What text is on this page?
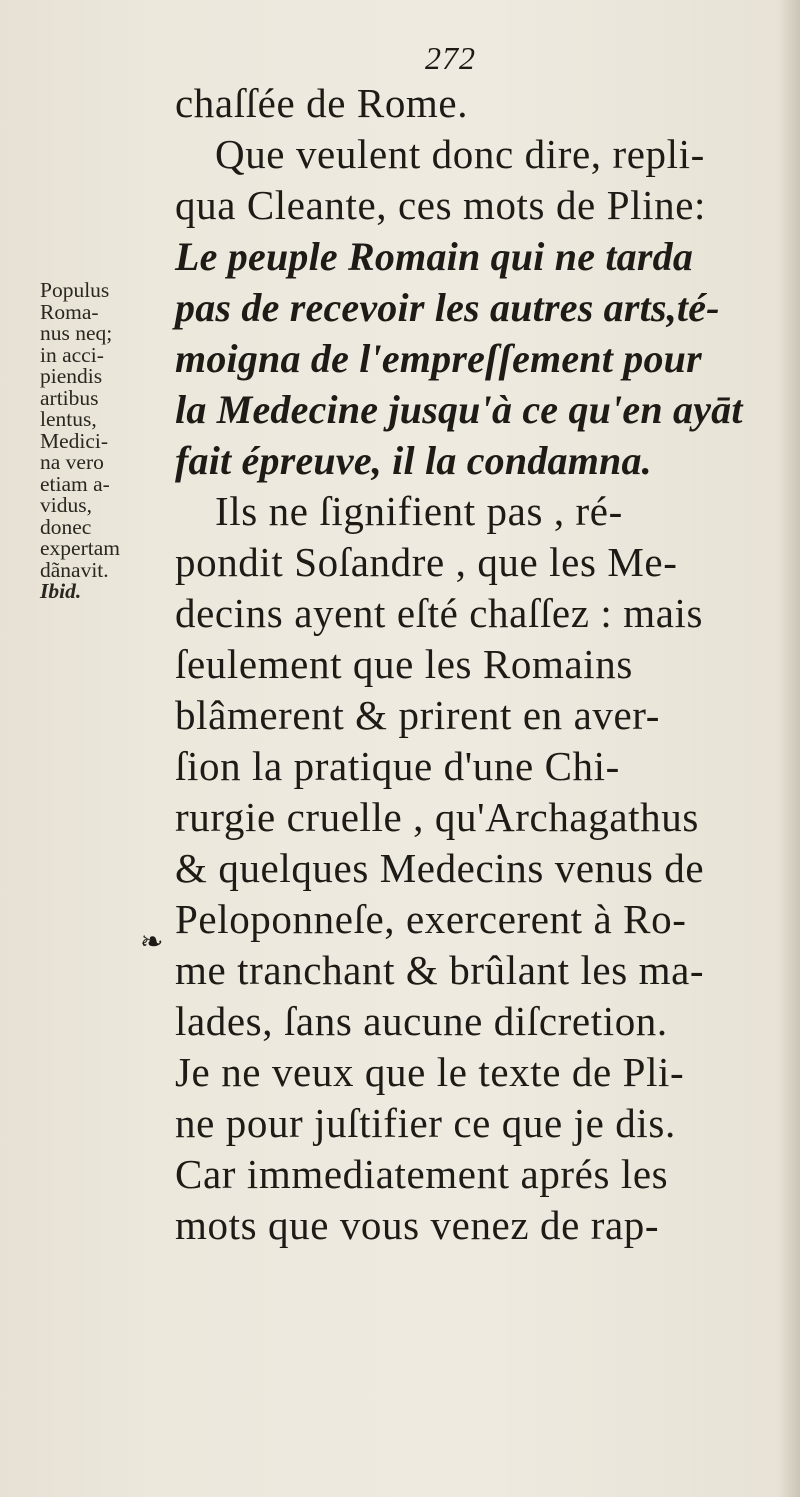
272
Populus
Roma-
nus neq;
in acci-
piendis
artibus
lentus,
Medici-
na vero
etiam a-
vidus,
donec
expertam
dãnavit.
Ibid.
❧
chaſſée de Rome.
Que veulent donc dire, repli-
qua Cleante, ces mots de Pline:
Le peuple Romain qui ne tarda
pas de recevoir les autres arts,té-
moigna de l'empreſſement pour
la Medecine jusqu'à ce qu'en ayāt
fait épreuve, il la condamna.
Ils ne ſignifient pas , ré-
pondit Soſandre , que les Me-
decins ayent eſté chaſſez : mais
ſeulement que les Romains
blâmerent & prirent en aver-
ſion la pratique d'une Chi-
rurgie cruelle , qu'Archagathus
& quelques Medecins venus de
Peloponneſe, exercerent à Ro-
me tranchant & brûlant les ma-
lades, ſans aucune diſcretion.
Je ne veux que le texte de Pli-
ne pour juſtifier ce que je dis.
Car immediatement aprés les
mots que vous venez de rap-
